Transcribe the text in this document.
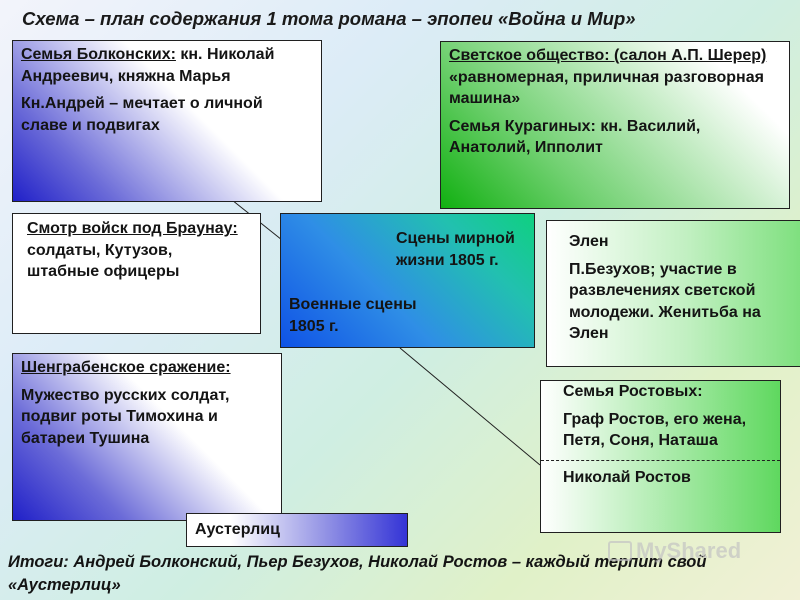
Схема – план содержания 1 тома романа – эпопеи «Война и Мир»

Семья Болконских: кн. Николай Андреевич, княжна Марья

Кн.Андрей – мечтает о личной славе и подвигах

Светское общество: (салон А.П. Шерер) «равномерная, приличная разговорная машина»

Семья Курагиных: кн. Василий, Анатолий, Ипполит

Смотр войск под Браунау: солдаты, Кутузов, штабные офицеры

Сцены мирной жизни 1805 г.
Военные сцены 1805 г.

Элен

П.Безухов; участие в развлечениях светской молодежи. Женитьба на Элен

Шенграбенское сражение:

Мужество русских солдат, подвиг роты Тимохина и батареи Тушина

Семья Ростовых:

Граф Ростов, его жена, Петя, Соня, Наташа

Николай Ростов
Аустерлиц
Итоги: Андрей Болконский, Пьер Безухов, Николай Ростов – каждый терпит свой «Аустерлиц»
MyShared
